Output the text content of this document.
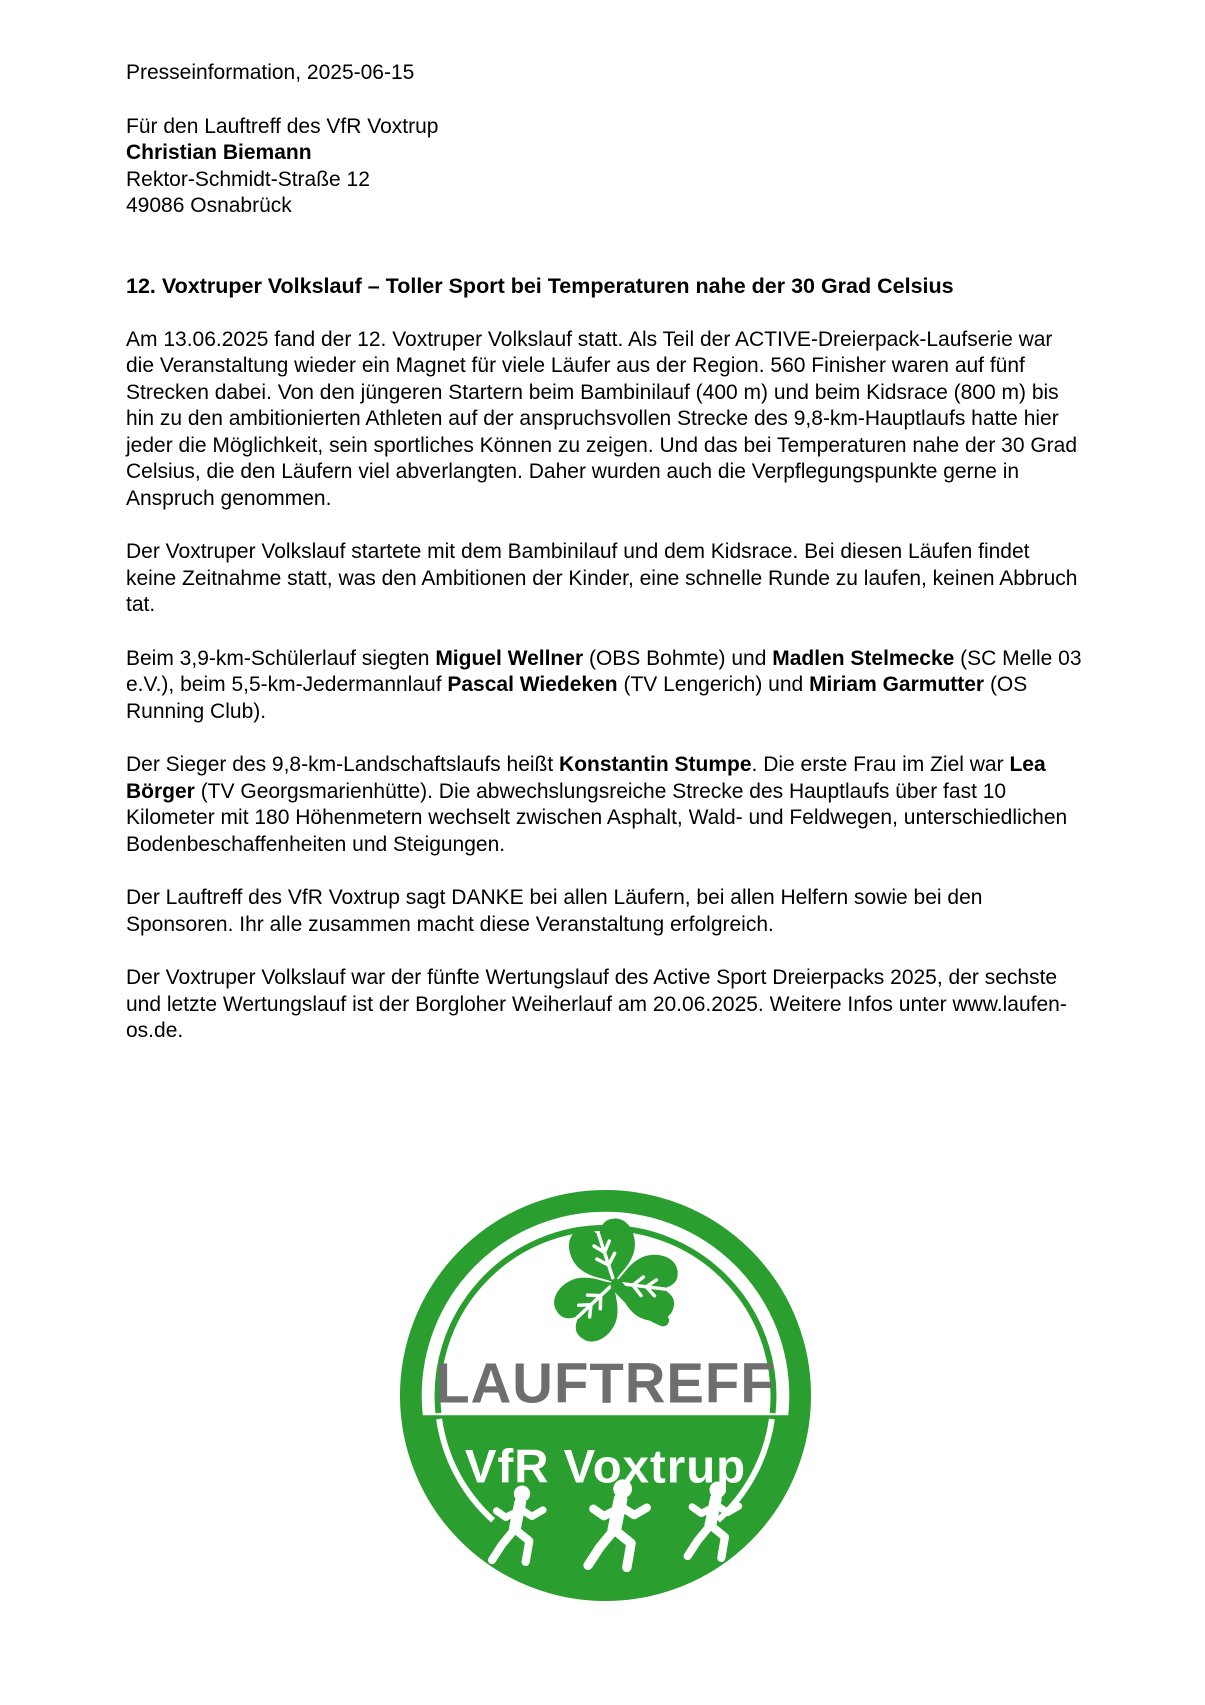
Presseinformation, 2025-06-15

Für den Lauftreff des VfR Voxtrup

Christian Biemann

Rektor-Schmidt-Straße 12

49086 Osnabrück

12. Voxtruper Volkslauf – Toller Sport bei Temperaturen nahe der 30 Grad Celsius

Am 13.06.2025 fand der 12. Voxtruper Volkslauf statt. Als Teil der ACTIVE-Dreierpack-Laufserie war die Veranstaltung wieder ein Magnet für viele Läufer aus der Region. 560 Finisher waren auf fünf Strecken dabei. Von den jüngeren Startern beim Bambinilauf (400 m) und beim Kidsrace (800 m) bis hin zu den ambitionierten Athleten auf der anspruchsvollen Strecke des 9,8-km-Hauptlaufs hatte hier jeder die Möglichkeit, sein sportliches Können zu zeigen. Und das bei Temperaturen nahe der 30 Grad Celsius, die den Läufern viel abverlangten. Daher wurden auch die Verpflegungspunkte gerne in Anspruch genommen.

Der Voxtruper Volkslauf startete mit dem Bambinilauf und dem Kidsrace. Bei diesen Läufen findet keine Zeitnahme statt, was den Ambitionen der Kinder, eine schnelle Runde zu laufen, keinen Abbruch tat.

Beim 3,9-km-Schülerlauf siegten Miguel Wellner (OBS Bohmte) und Madlen Stelmecke (SC Melle 03 e.V.), beim 5,5-km-Jedermannlauf Pascal Wiedeken (TV Lengerich) und Miriam Garmutter (OS Running Club).

Der Sieger des 9,8-km-Landschaftslaufs heißt Konstantin Stumpe. Die erste Frau im Ziel war Lea Börger (TV Georgsmarienhütte). Die abwechslungsreiche Strecke des Hauptlaufs über fast 10 Kilometer mit 180 Höhenmetern wechselt zwischen Asphalt, Wald- und Feldwegen, unterschiedlichen Bodenbeschaffenheiten und Steigungen.

Der Lauftreff des VfR Voxtrup sagt DANKE bei allen Läufern, bei allen Helfern sowie bei den Sponsoren. Ihr alle zusammen macht diese Veranstaltung erfolgreich.

Der Voxtruper Volkslauf war der fünfte Wertungslauf des Active Sport Dreierpacks 2025, der sechste und letzte Wertungslauf ist der Borgloher Weiherlauf am 20.06.2025. Weitere Infos unter www.laufen-os.de.

LAUFTREFF
VfR Voxtrup
